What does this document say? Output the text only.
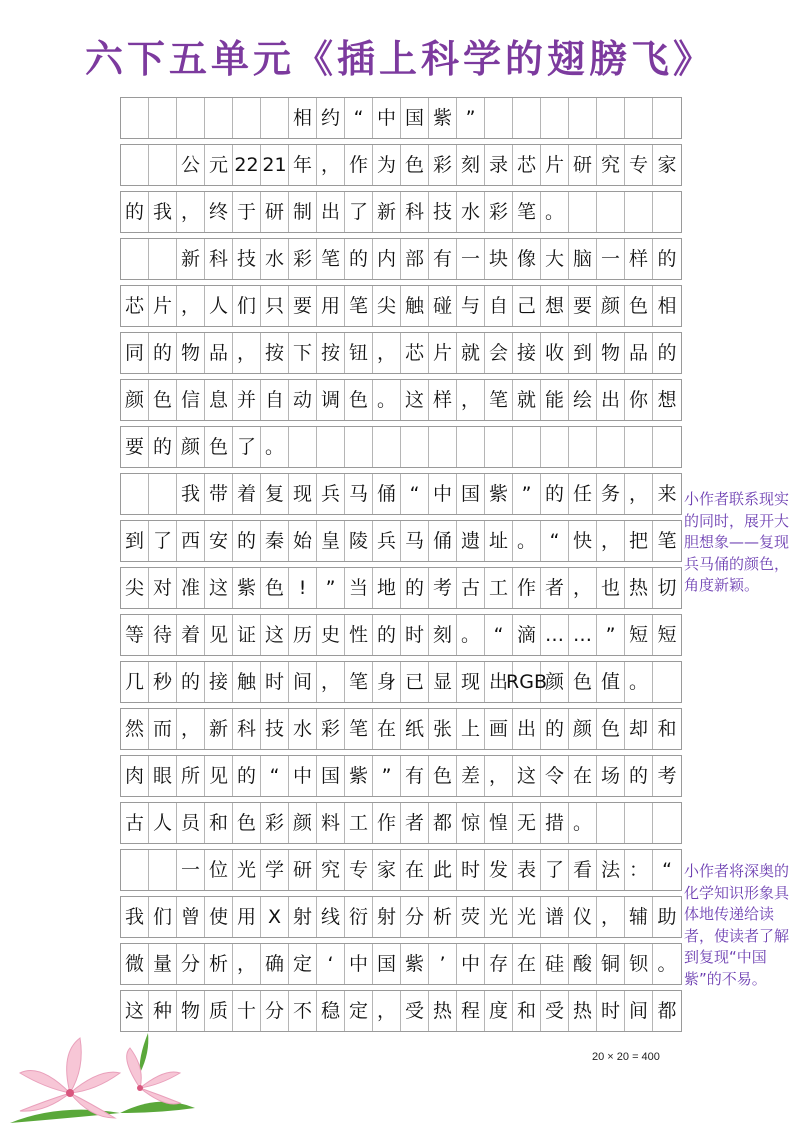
六下五单元《插上科学的翅膀飞》
相 约 “ 中 国 紫 ”
公 元 22 21 年 ， 作 为 色 彩 刻 录 芯 片 研 究 专 家
的 我 ， 终 于 研 制 出 了 新 科 技 水 彩 笔 。
新 科 技 水 彩 笔 的 内 部 有 一 块 像 大 脑 一 样 的
芯 片 ， 人 们 只 要 用 笔 尖 触 碰 与 自 己 想 要 颜 色 相
同 的 物 品 ， 按 下 按 钮 ， 芯 片 就 会 接 收 到 物 品 的
颜 色 信 息 并 自 动 调 色 。 这 样 ， 笔 就 能 绘 出 你 想
要 的 颜 色 了 。
我 带 着 复 现 兵 马 俑 “ 中 国 紫 ” 的 任 务 ， 来
到 了 西 安 的 秦 始 皇 陵 兵 马 俑 遗 址 。 “ 快 ， 把 笔
尖 对 准 这 紫 色 !	” 当 地 的 考 古 工 作 者 ， 也 热 切
等 待 着 见 证 这 历 史 性 的 时 刻 。 “ 滴 … … ” 短 短
几 秒 的 接 触 时 间 ， 笔 身 已 显 现 出
RGB
颜 色 值 。
然 而 ， 新 科 技 水 彩 笔 在 纸 张 上 画 出 的 颜 色 却 和
肉 眼 所 见 的 “ 中 国 紫 ” 有 色 差 ， 这 令 在 场 的 考
古 人 员 和 色 彩 颜 料 工 作 者 都 惊 惶 无 措 。
一 位 光 学 研 究 专 家 在 此 时 发 表 了 看 法 ： “
我 们 曾 使 用 X 射 线 衍 射 分 析 荧 光 光 谱 仪 ， 辅 助
微 量 分 析 ， 确 定 ‘ 中 国 紫 ’ 中 存 在 硅 酸 铜 钡 。
这 种 物 质 十 分 不 稳 定 ， 受 热 程 度 和 受 热 时 间 都
20 × 20 = 400
小作者联系现实的同时，展开大胆想象——复现兵马俑的颜色，角度新颖。
小作者将深奥的化学知识形象具体地传递给读者，使读者了解到复现“中国紫”的不易。
